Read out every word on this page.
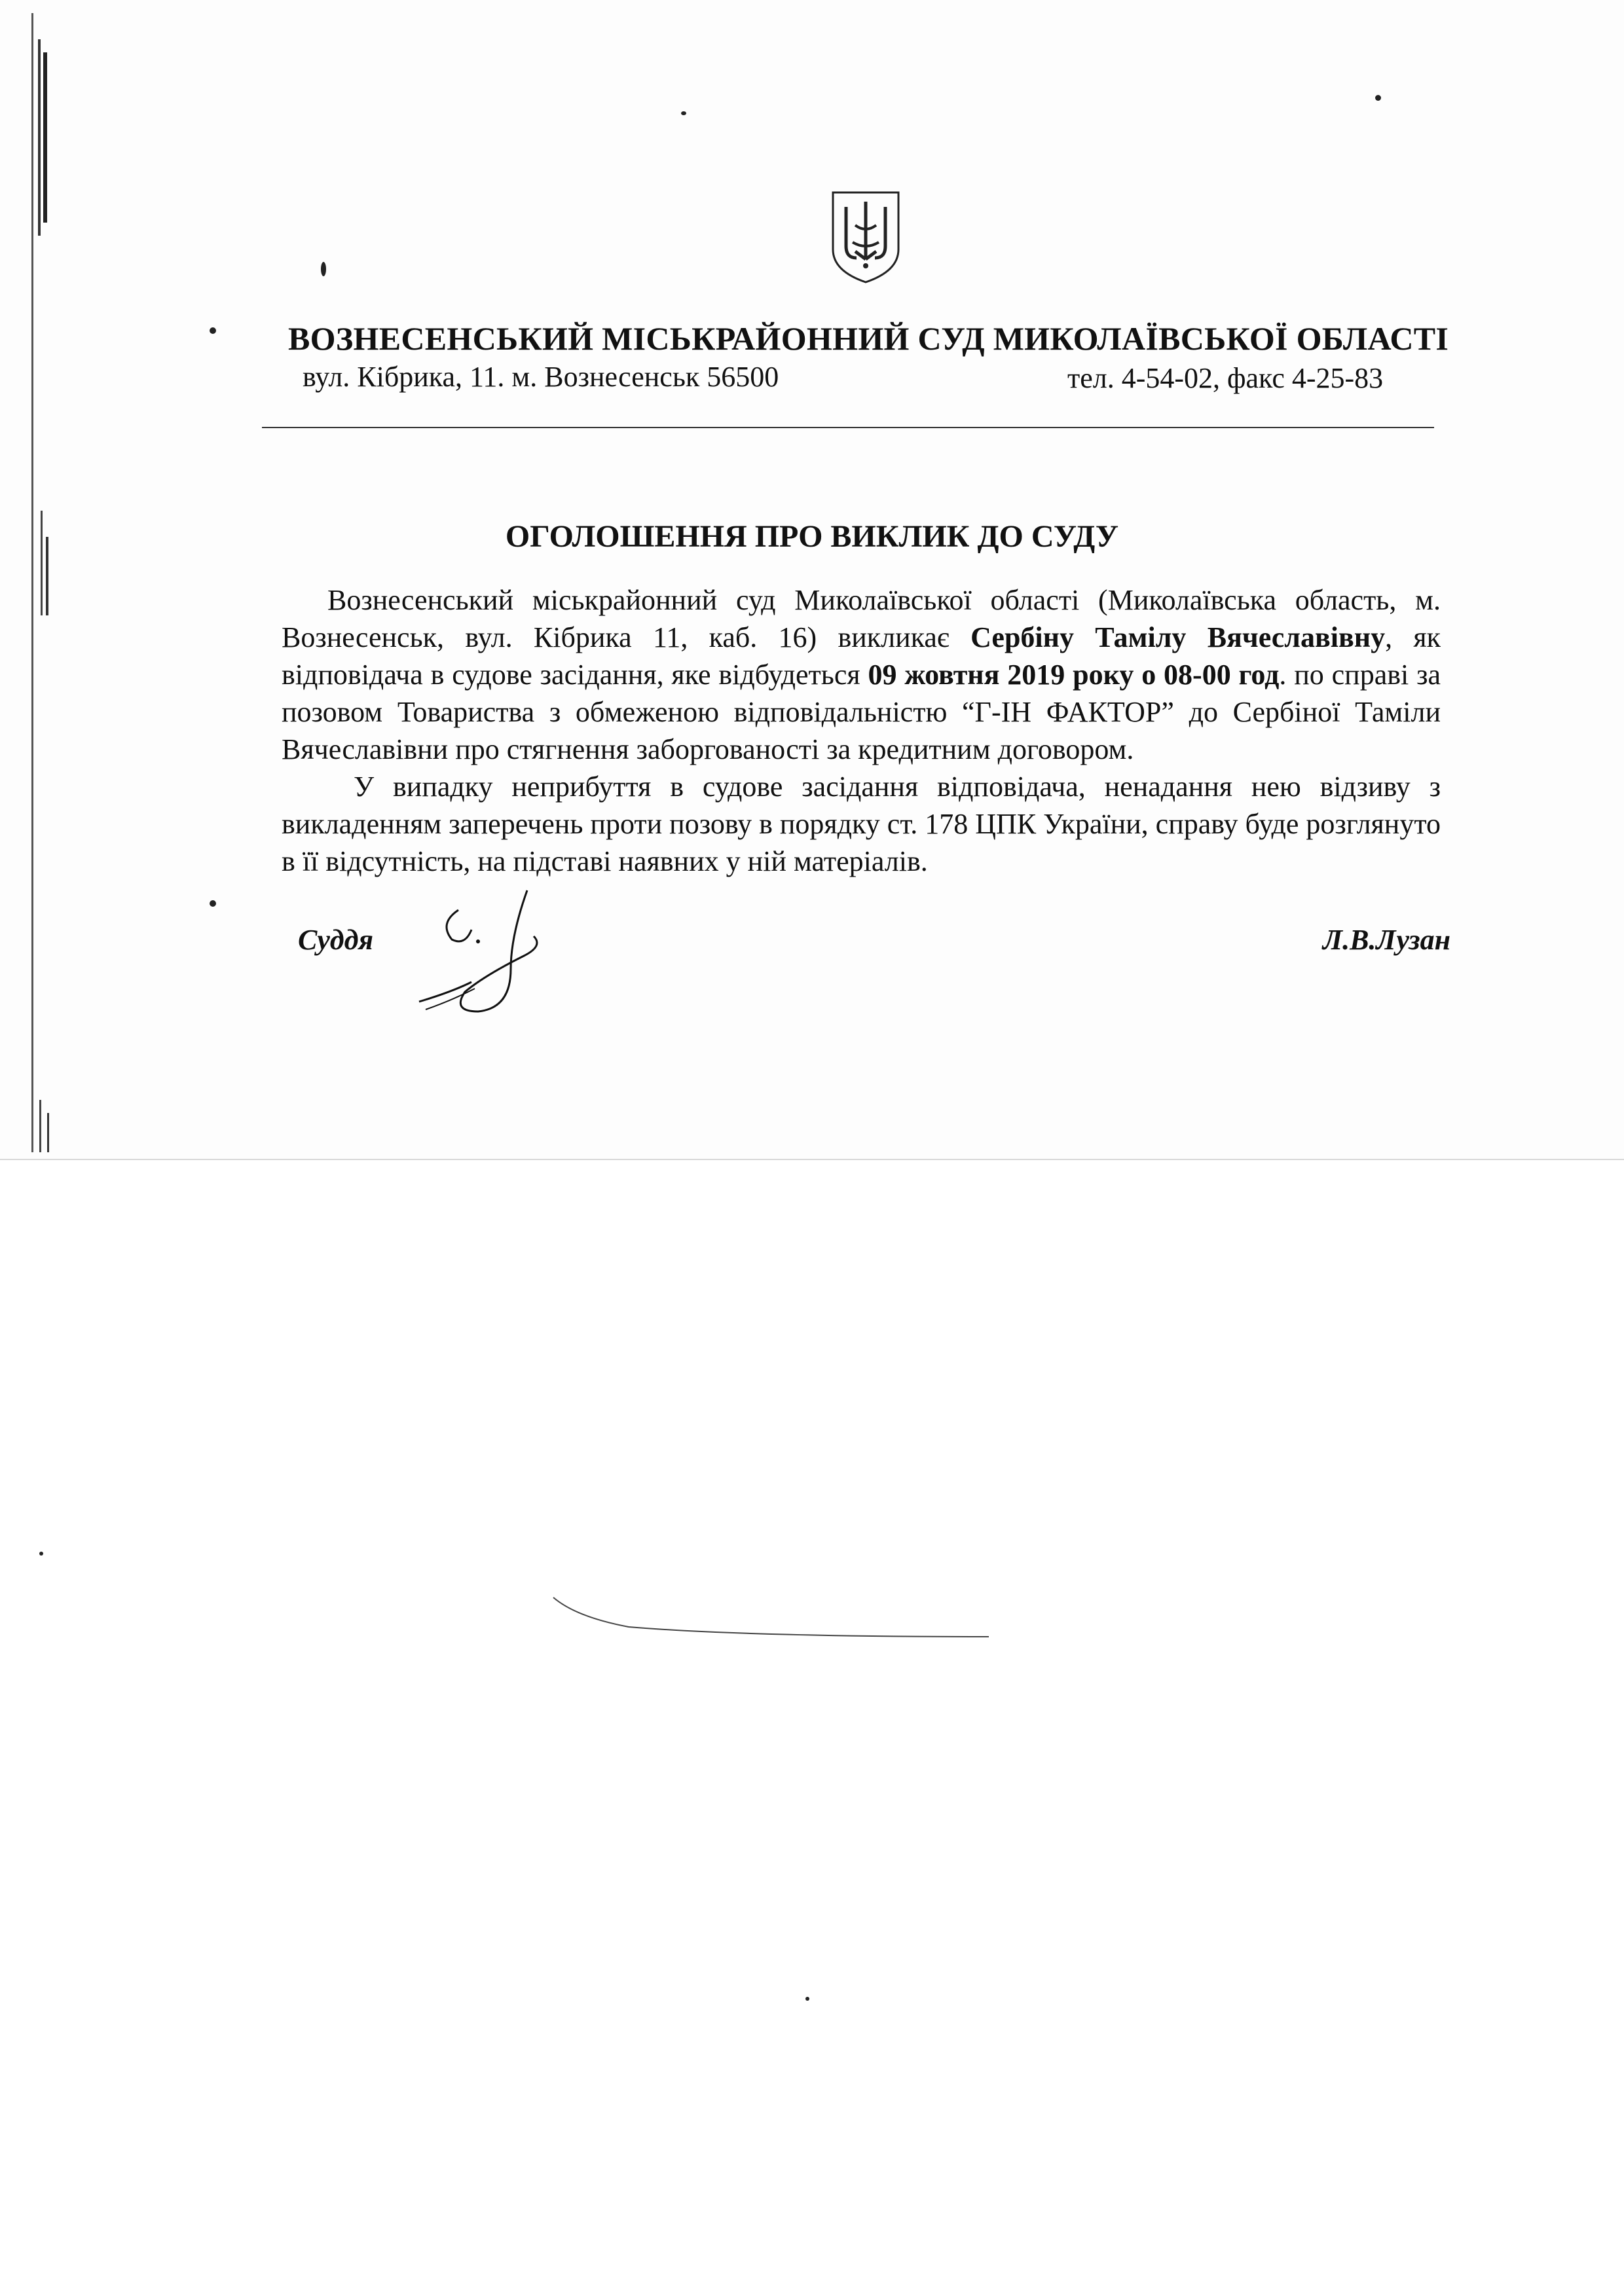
ВОЗНЕСЕНСЬКИЙ МІСЬКРАЙОННИЙ СУД МИКОЛАЇВСЬКОЇ ОБЛАСТІ
вул. Кібрика, 11. м. Вознесенськ 56500	тел. 4-54-02, факс 4-25-83
ОГОЛОШЕННЯ ПРО ВИКЛИК ДО СУДУ

Вознесенський міськрайонний суд Миколаївської області (Миколаївська область, м. Вознесенськ, вул. Кібрика 11, каб. 16) викликає Сербіну Тамілу Вячеславівну, як відповідача в судове засідання, яке відбудеться 09 жовтня 2019 року о 08-00 год. по справі за позовом Товариства з обмеженою відповідальністю “Г-ІН ФАКТОР” до Сербіної Таміли Вячеславівни про стягнення заборгованості за кредитним договором.

У випадку неприбуття в судове засідання відповідача, ненадання нею відзиву з викладенням заперечень проти позову в порядку ст. 178 ЦПК України, справу буде розглянуто в її відсутність, на підставі наявних у ній матеріалів.

Суддя	Л.В.Лузан
